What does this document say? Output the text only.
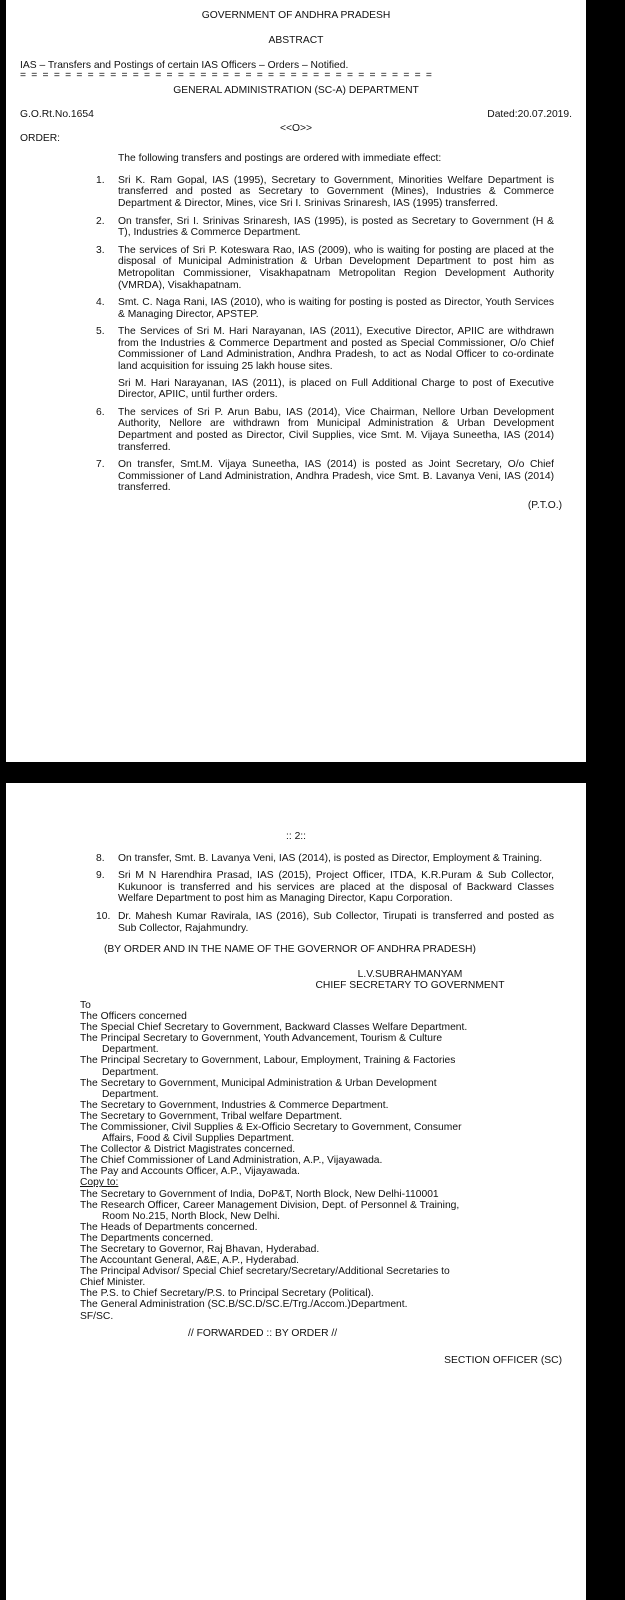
GOVERNMENT OF ANDHRA PRADESH
ABSTRACT
IAS – Transfers and Postings of certain IAS Officers – Orders – Notified.
= = = = = = = = = = = = = = = = = = = = = = = = = = = = = = = = = = = = =
GENERAL ADMINISTRATION (SC-A) DEPARTMENT
G.O.Rt.No.1654	Dated:20.07.2019.
<<O>>
ORDER:
The following transfers and postings are ordered with immediate effect:
1.	Sri K. Ram Gopal, IAS (1995), Secretary to Government, Minorities Welfare Department is transferred and posted as Secretary to Government (Mines), Industries & Commerce Department & Director, Mines, vice Sri I. Srinivas Srinaresh, IAS (1995) transferred.
2.	On transfer, Sri I. Srinivas Srinaresh, IAS (1995), is posted as Secretary to Government (H & T), Industries & Commerce Department.
3.	The services of Sri P. Koteswara Rao, IAS (2009), who is waiting for posting are placed at the disposal of Municipal Administration & Urban Development Department to post him as Metropolitan Commissioner, Visakhapatnam Metropolitan Region Development Authority (VMRDA), Visakhapatnam.
4.	Smt. C. Naga Rani, IAS (2010), who is waiting for posting is posted as Director, Youth Services & Managing Director, APSTEP.
5.	The Services of Sri M. Hari Narayanan, IAS (2011), Executive Director, APIIC are withdrawn from the Industries & Commerce Department and posted as Special Commissioner, O/o Chief Commissioner of Land Administration, Andhra Pradesh, to act as Nodal Officer to co-ordinate land acquisition for issuing 25 lakh house sites.
Sri M. Hari Narayanan, IAS (2011), is placed on Full Additional Charge to post of Executive Director, APIIC, until further orders.
6.	The services of Sri P. Arun Babu, IAS (2014), Vice Chairman, Nellore Urban Development Authority, Nellore are withdrawn from Municipal Administration & Urban Development Department and posted as Director, Civil Supplies, vice Smt. M. Vijaya Suneetha, IAS (2014) transferred.
7.	On transfer, Smt.M. Vijaya Suneetha, IAS (2014) is posted as Joint Secretary, O/o Chief Commissioner of Land Administration, Andhra Pradesh, vice Smt. B. Lavanya Veni, IAS (2014) transferred.
(P.T.O.)
:: 2::
8.	On transfer, Smt. B. Lavanya Veni, IAS (2014), is posted as Director, Employment & Training.
9.	Sri M N Harendhira Prasad, IAS (2015), Project Officer, ITDA, K.R.Puram & Sub Collector, Kukunoor is transferred and his services are placed at the disposal of Backward Classes Welfare Department to post him as Managing Director, Kapu Corporation.
10. Dr. Mahesh Kumar Ravirala, IAS (2016), Sub Collector, Tirupati is transferred and posted as Sub Collector, Rajahmundry.
(BY ORDER AND IN THE NAME OF THE GOVERNOR OF ANDHRA PRADESH)
L.V.SUBRAHMANYAM
CHIEF SECRETARY TO GOVERNMENT
To
The Officers concerned
The Special Chief Secretary to Government, Backward Classes Welfare Department.
The Principal Secretary to Government, Youth Advancement, Tourism & Culture
Department.
The Principal Secretary to Government, Labour, Employment, Training & Factories
Department.
The Secretary to Government, Municipal Administration & Urban Development
Department.
The Secretary to Government, Industries & Commerce Department.
The Secretary to Government, Tribal welfare Department.
The Commissioner, Civil Supplies & Ex-Officio Secretary to Government, Consumer
Affairs, Food & Civil Supplies Department.
The Collector & District Magistrates concerned.
The Chief Commissioner of Land Administration, A.P., Vijayawada.
The Pay and Accounts Officer, A.P., Vijayawada.
Copy to:
The Secretary to Government of India, DoP&T, North Block, New Delhi-110001
The Research Officer, Career Management Division, Dept. of Personnel & Training,
Room No.215, North Block, New Delhi.
The Heads of Departments concerned.
The Departments concerned.
The Secretary to Governor, Raj Bhavan, Hyderabad.
The Accountant General, A&E, A.P., Hyderabad.
The Principal Advisor/ Special Chief secretary/Secretary/Additional Secretaries to
Chief Minister.
The P.S. to Chief Secretary/P.S. to Principal Secretary (Political).
The General Administration (SC.B/SC.D/SC.E/Trg./Accom.)Department.
SF/SC.
// FORWARDED :: BY ORDER //
SECTION OFFICER (SC)
